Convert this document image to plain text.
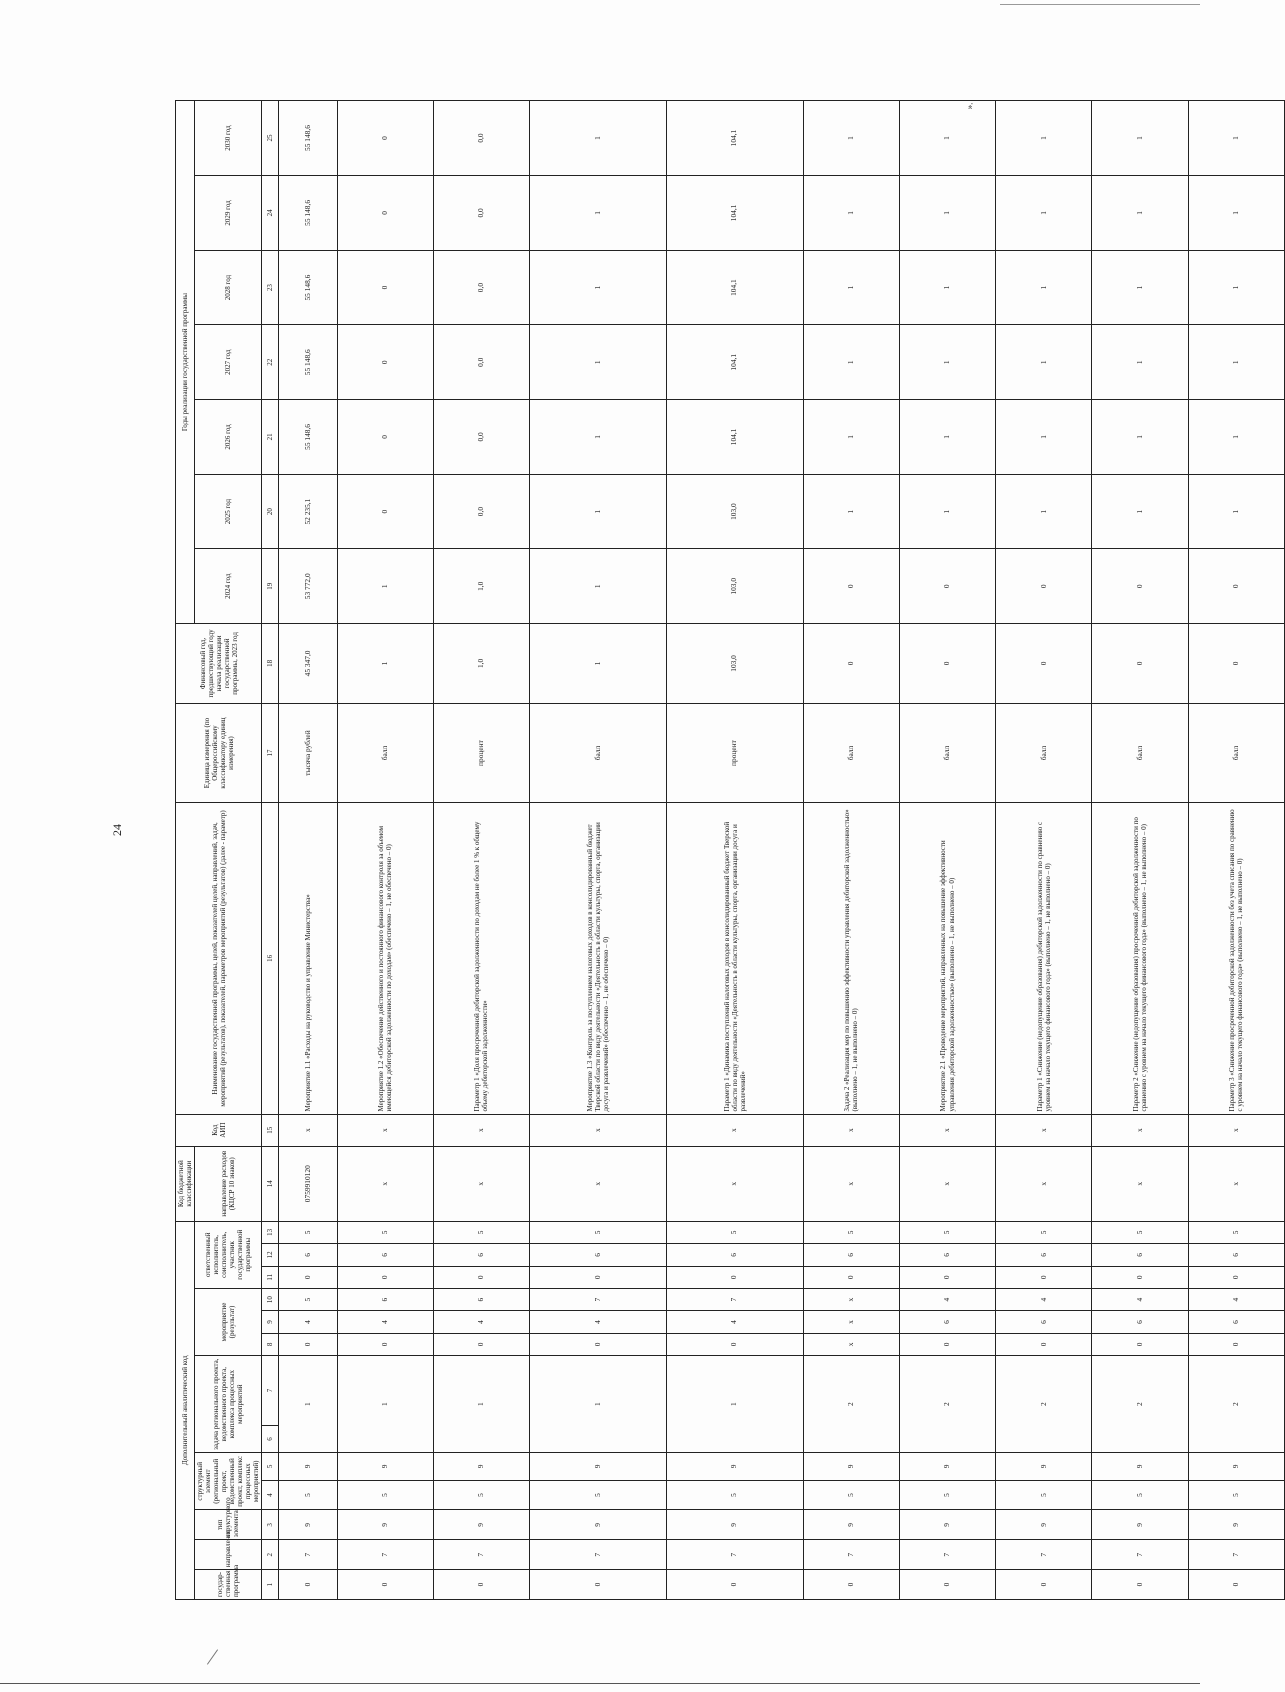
24
».
Дополнительный аналитический код													Код бюджетной классификации	Код АИП	Наименование государственной программы, целей, показателей целей, направлений, задач, мероприятий (результатов), показателей, параметров мероприятий (результатов) (далее - параметр)	Единица измерения (по Общероссийскому классификатору единиц измерения)	Финансовый год, предшествующий году начала реализации государственной программы, 2023 год	Годы реализации государственной программы						
государ-ственная программа	направление	тип структурного элемента	структурный элемент (региональный проект, ведомственный проект, комплекс процессных мероприятий)		задача регионального проекта, ведомственного проекта, комплекса процессных мероприятий		мероприятие (результат)			ответственный исполнитель, соисполнитель, участник государственной программы			направление расходов (КЦСР 10 знаков)					2024 год	2025 год	2026 год	2027 год	2028 год	2029 год	2030 год
1	2	3	4	5	6	7	8	9	10	11	12	13	14	15	16	17	18	19	20	21	22	23	24	25
0	7	9	5	9	1		0	4	5	0	6	5	0759910120	х	Мероприятие 1.1 «Расходы на руководство и управление Министерства»	тысяча рублей	45 347,0	53 772,0	52 235,1	55 148,6	55 148,6	55 148,6	55 148,6	55 148,6
0	7	9	5	9	1		0	4	6	0	6	5	х	х	Мероприятие 1.2 «Обеспечение действенного и постоянного финансового контроля за объемом имеющейся дебиторской задолженности по доходам» (обеспечено – 1, не обеспечено – 0)	балл	1	1	0	0	0	0	0	0
0	7	9	5	9	1		0	4	6	0	6	5	х	х	Параметр 1 «Доля просроченной дебиторской задолженности по доходам не более 1 % к общему объему дебиторской задолженности»	процент	1,0	1,0	0,0	0,0	0,0	0,0	0,0	0,0
0	7	9	5	9	1		0	4	7	0	6	5	х	х	Мероприятие 1.3 «Контроль за поступлением налоговых доходов в консолидированный бюджет Тверской области по виду деятельности «Деятельность в области культуры, спорта, организации досуга и развлечений» (обеспечено – 1, не обеспечено – 0)	балл	1	1	1	1	1	1	1	1
0	7	9	5	9	1		0	4	7	0	6	5	х	х	Параметр 1 «Динамика поступлений налоговых доходов в консолидированный бюджет Тверской области по виду деятельности «Деятельность в области культуры, спорта, организации досуга и развлечений»	процент	103,0	103,0	103,0	104,1	104,1	104,1	104,1	104,1
0	7	9	5	9	2		х	х	х	0	6	5	х	х	Задача 2 «Реализация мер по повышению эффективности управления дебиторской задолженностью» (выполнено – 1, не выполнено – 0)	балл	0	0	1	1	1	1	1	1
0	7	9	5	9	2		0	6	4	0	6	5	х	х	Мероприятие 2.1 «Проведение мероприятий, направленных на повышение эффективности управления дебиторской задолженностью» (выполнено – 1, не выполнено – 0)	балл	0	0	1	1	1	1	1	1
0	7	9	5	9	2		0	6	4	0	6	5	х	х	Параметр 1 «Снижение (недопущение образования) дебиторской задолженности по сравнению с уровнем на начало текущего финансового года» (выполнено – 1, не выполнено – 0)	балл	0	0	1	1	1	1	1	1
0	7	9	5	9	2		0	6	4	0	6	5	х	х	Параметр 2 «Снижение (недопущение образования) просроченной дебиторской задолженности по сравнению с уровнем на начало текущего финансового года» (выполнено – 1, не выполнено – 0)	балл	0	0	1	1	1	1	1	1
0	7	9	5	9	2		0	6	4	0	6	5	х	х	Параметр 3 «Снижение просроченной дебиторской задолженности без учета списания по сравнению с уровнем на начало текущего финансового года» (выполнено – 1, не выполнено – 0)	балл	0	0	1	1	1	1	1	1
